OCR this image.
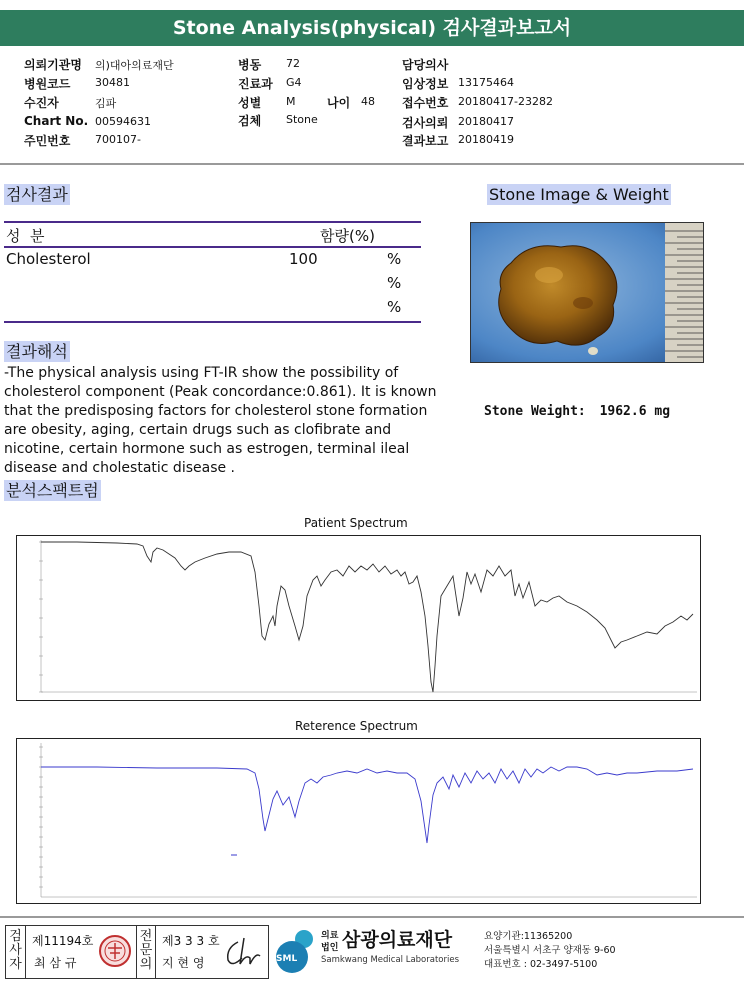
Stone Analysis(physical) 검사결과보고서
의뢰기관명 의)대아의료재단
병원코드 30481
수진자	김파
Chart No. 00594631
주민번호 700107-
병동 72
진료과 G4
성별 M	나이 48
검체 Stone
담당의사
임상정보 13175464
접수번호 20180417-23282
검사의뢰 20180417
결과보고 20180419
검사결과
성  분	함량(%)
Cholesterol	100	%
%
%
Stone Image & Weight
Stone Weight: 1962.6 mg
결과해석
-The physical analysis using FT-IR show the possibility of cholesterol component (Peak concordance:0.861). It is known that the predisposing factors for cholesterol stone formation are obesity, aging, certain drugs such as clofibrate and nicotine, certain hormone such as estrogen, terminal ileal disease and cholestatic disease .
분석스팩트럼
Patient Spectrum
Reterence Spectrum
검
사
자
제11194호
최 삼 규
전
문
의
제3 3 3 호
지 현 영	SML
의료
법인 삼광의료재단
Samkwang Medical Laboratories
요양기관:11365200
서울특별시 서초구 양재동 9-60
대표번호 : 02-3497-5100
